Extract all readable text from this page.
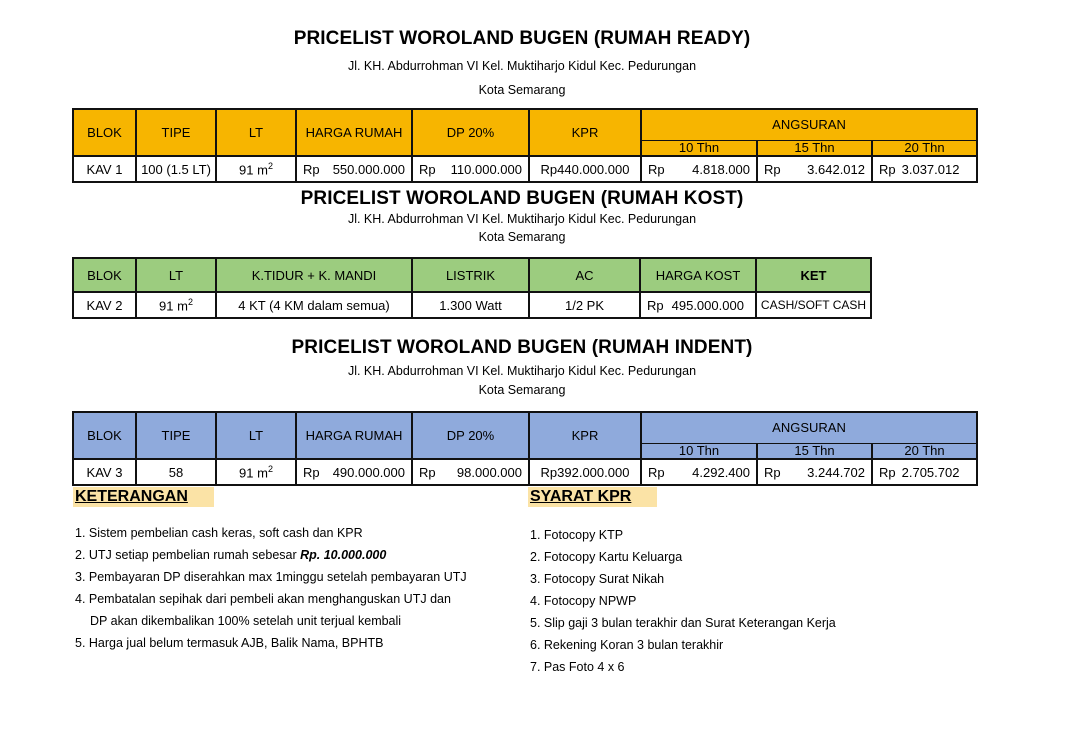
PRICELIST WOROLAND BUGEN (RUMAH READY)
Jl. KH. Abdurrohman VI Kel. Muktiharjo Kidul Kec. Pedurungan
Kota Semarang
BLOK	TIPE	LT	HARGA RUMAH	DP 20%	KPR	ANGSURAN		
						10 Thn	15 Thn	20 Thn
KAV 1	100 (1.5 LT)	91 $m^2$	Rp 550.000.000	Rp 110.000.000	Rp440.000.000	Rp 4.818.000	Rp 3.642.012	Rp 3.037.012
PRICELIST WOROLAND BUGEN (RUMAH KOST)
Jl. KH. Abdurrohman VI Kel. Muktiharjo Kidul Kec. Pedurungan
Kota Semarang
BLOK	LT	K.TIDUR + K. MANDI	LISTRIK	AC	HARGA KOST	KET
KAV 2	91 $m^2$	4 KT (4 KM dalam semua)	1.300 Watt	1/2 PK	Rp 495.000.000	CASH/SOFT CASH
PRICELIST WOROLAND BUGEN (RUMAH INDENT)
Jl. KH. Abdurrohman VI Kel. Muktiharjo Kidul Kec. Pedurungan
Kota Semarang
BLOK	TIPE	LT	HARGA RUMAH	DP 20%	KPR	ANGSURAN		
						10 Thn	15 Thn	20 Thn
KAV 3	58	91 $m^2$	Rp 490.000.000	Rp 98.000.000	Rp392.000.000	Rp 4.292.400	Rp 3.244.702	Rp 2.705.702
KETERANGAN
1. Sistem pembelian cash keras, soft cash dan KPR
2. UTJ setiap pembelian rumah sebesar Rp. 10.000.000
3. Pembayaran DP diserahkan max 1minggu setelah pembayaran UTJ
4. Pembatalan sepihak dari pembeli akan menghanguskan UTJ dan
DP akan dikembalikan 100% setelah unit terjual kembali
5. Harga jual belum termasuk AJB, Balik Nama, BPHTB
SYARAT KPR
1. Fotocopy KTP
2. Fotocopy Kartu Keluarga
3. Fotocopy Surat Nikah
4. Fotocopy NPWP
5. Slip gaji 3 bulan terakhir dan Surat Keterangan Kerja
6. Rekening Koran 3 bulan terakhir
7. Pas Foto 4 x 6
